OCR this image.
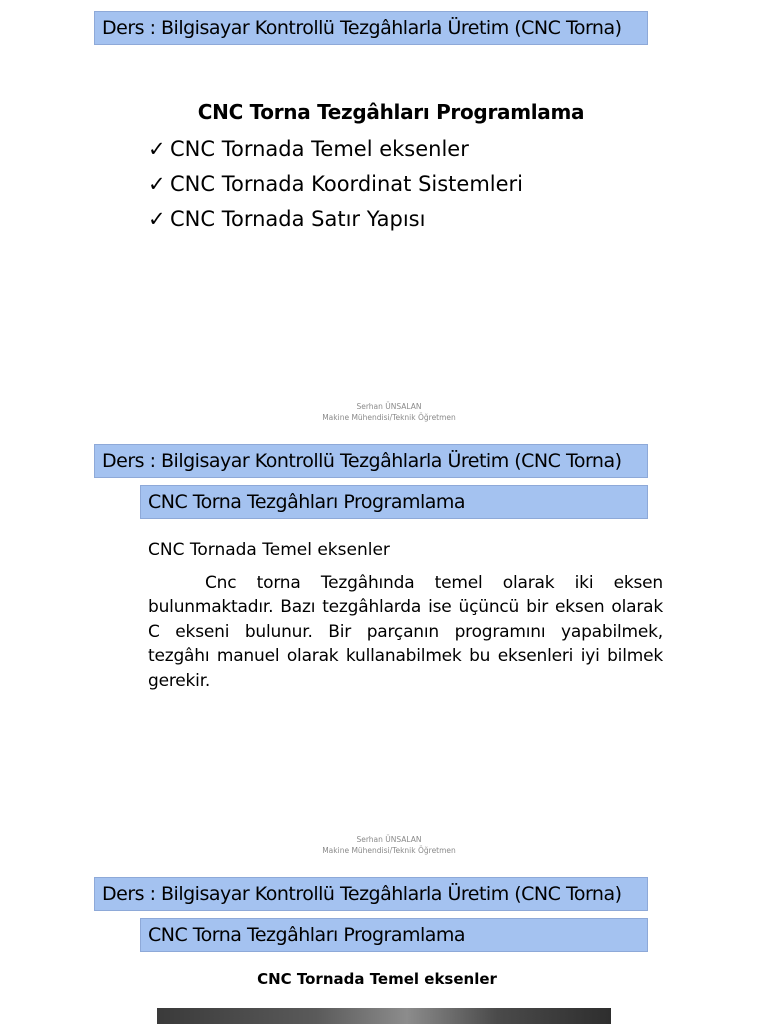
Ders : Bilgisayar Kontrollü Tezgâhlarla Üretim (CNC Torna)
CNC Torna Tezgâhları Programlama
✓ CNC Tornada Temel eksenler
✓ CNC Tornada Koordinat Sistemleri
✓ CNC Tornada Satır Yapısı
Serhan ÜNSALAN
Makine Mühendisi/Teknik Öğretmen
Ders : Bilgisayar Kontrollü Tezgâhlarla Üretim (CNC Torna)
CNC Torna Tezgâhları Programlama
CNC Tornada Temel eksenler

Cnc torna Tezgâhında temel olarak iki eksen bulunmaktadır. Bazı tezgâhlarda ise üçüncü bir eksen olarak C ekseni bulunur. Bir parçanın programını yapabilmek, tezgâhı manuel olarak kullanabilmek bu eksenleri iyi bilmek gerekir.

Serhan ÜNSALAN
Makine Mühendisi/Teknik Öğretmen
Ders : Bilgisayar Kontrollü Tezgâhlarla Üretim (CNC Torna)
CNC Torna Tezgâhları Programlama
CNC Tornada Temel eksenler
